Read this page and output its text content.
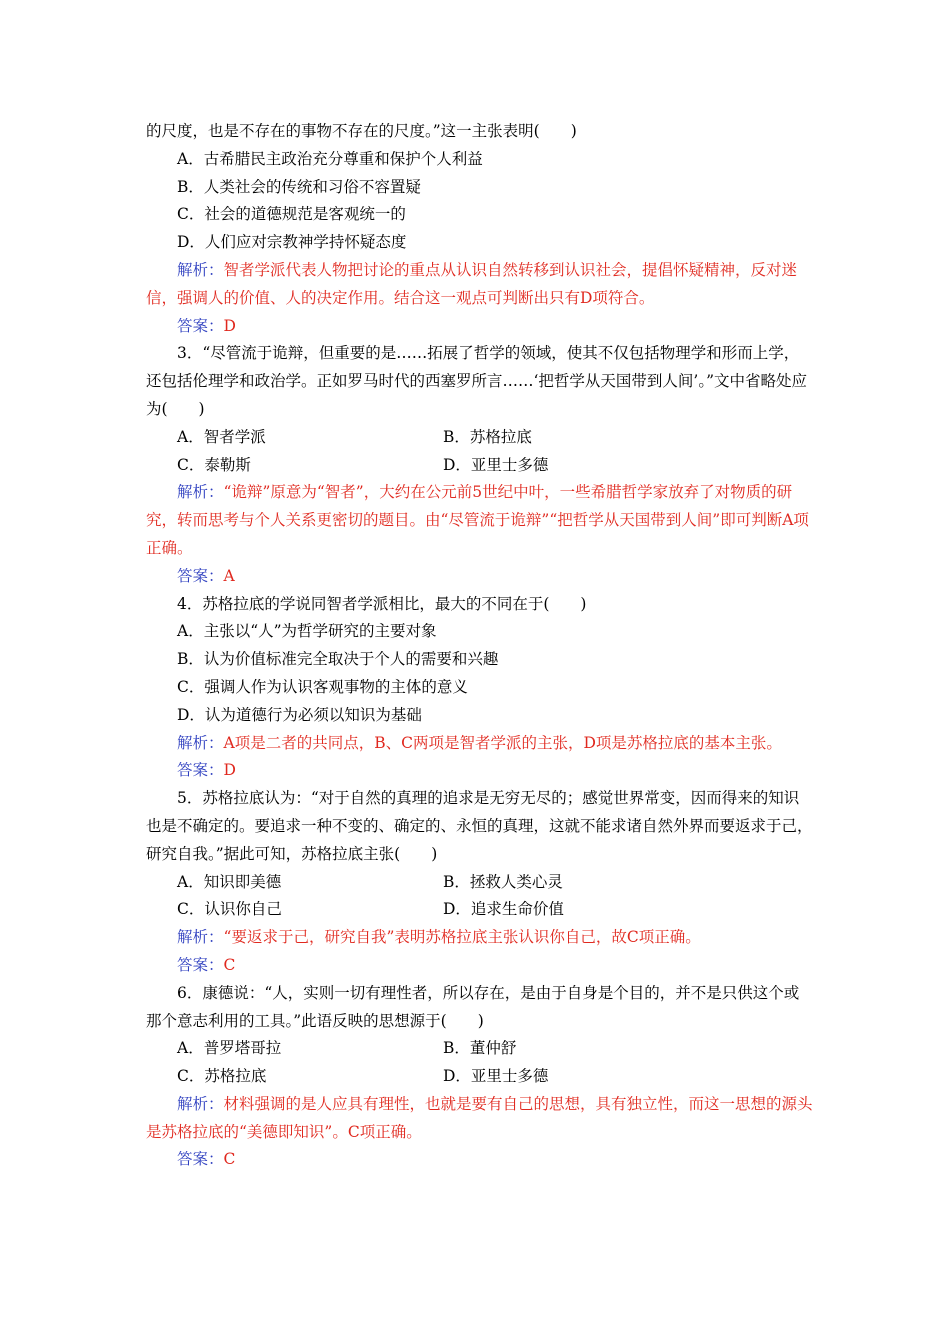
的尺度，也是不存在的事物不存在的尺度。”这一主张表明(　　)
A．古希腊民主政治充分尊重和保护个人利益
B．人类社会的传统和习俗不容置疑
C．社会的道德规范是客观统一的
D．人们应对宗教神学持怀疑态度
解析：智者学派代表人物把讨论的重点从认识自然转移到认识社会，提倡怀疑精神，反对迷信，强调人的价值、人的决定作用。结合这一观点可判断出只有D项符合。
答案：D
3．“尽管流于诡辩，但重要的是……拓展了哲学的领域，使其不仅包括物理学和形而上学，还包括伦理学和政治学。正如罗马时代的西塞罗所言……‘把哲学从天国带到人间’。”文中省略处应为(　　)
A．智者学派	B．苏格拉底
C．泰勒斯	D．亚里士多德
解析：“诡辩”原意为“智者”，大约在公元前5世纪中叶，一些希腊哲学家放弃了对物质的研究，转而思考与个人关系更密切的题目。由“尽管流于诡辩”“把哲学从天国带到人间”即可判断A项正确。
答案：A
4．苏格拉底的学说同智者学派相比，最大的不同在于(　　)
A．主张以“人”为哲学研究的主要对象
B．认为价值标准完全取决于个人的需要和兴趣
C．强调人作为认识客观事物的主体的意义
D．认为道德行为必须以知识为基础
解析：A项是二者的共同点，B、C两项是智者学派的主张，D项是苏格拉底的基本主张。
答案：D
5．苏格拉底认为：“对于自然的真理的追求是无穷无尽的；感觉世界常变，因而得来的知识也是不确定的。要追求一种不变的、确定的、永恒的真理，这就不能求诸自然外界而要返求于己，研究自我。”据此可知，苏格拉底主张(　　)
A．知识即美德	B．拯救人类心灵
C．认识你自己	D．追求生命价值
解析：“要返求于己，研究自我”表明苏格拉底主张认识你自己，故C项正确。
答案：C
6．康德说：“人，实则一切有理性者，所以存在，是由于自身是个目的，并不是只供这个或那个意志利用的工具。”此语反映的思想源于(　　)
A．普罗塔哥拉	B．董仲舒
C．苏格拉底	D．亚里士多德
解析：材料强调的是人应具有理性，也就是要有自己的思想，具有独立性，而这一思想的源头是苏格拉底的“美德即知识”。C项正确。
答案：C
